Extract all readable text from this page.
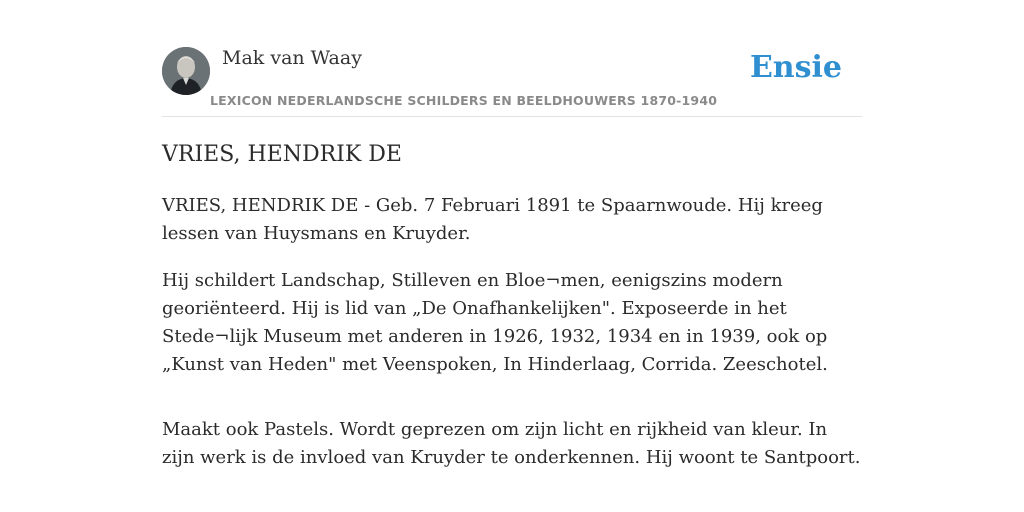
Mak van Waay
LEXICON NEDERLANDSCHE SCHILDERS EN BEELDHOUWERS 1870-1940
Ensie
VRIES, HENDRIK DE

VRIES, HENDRIK DE - Geb. 7 Februari 1891 te Spaarnwoude. Hij kreeg lessen van Huysmans en Kruyder.

Hij schildert Landschap, Stilleven en Bloe¬men, eenigszins modern georiënteerd. Hij is lid van „De Onafhankelijken". Exposeerde in het Stede¬lijk Museum met anderen in 1926, 1932, 1934 en in 1939, ook op „Kunst van Heden" met Veenspoken, In Hinderlaag, Corrida. Zeeschotel.

Maakt ook Pastels. Wordt geprezen om zijn licht en rijkheid van kleur. In zijn werk is de invloed van Kruyder te onderkennen. Hij woont te Santpoort.
